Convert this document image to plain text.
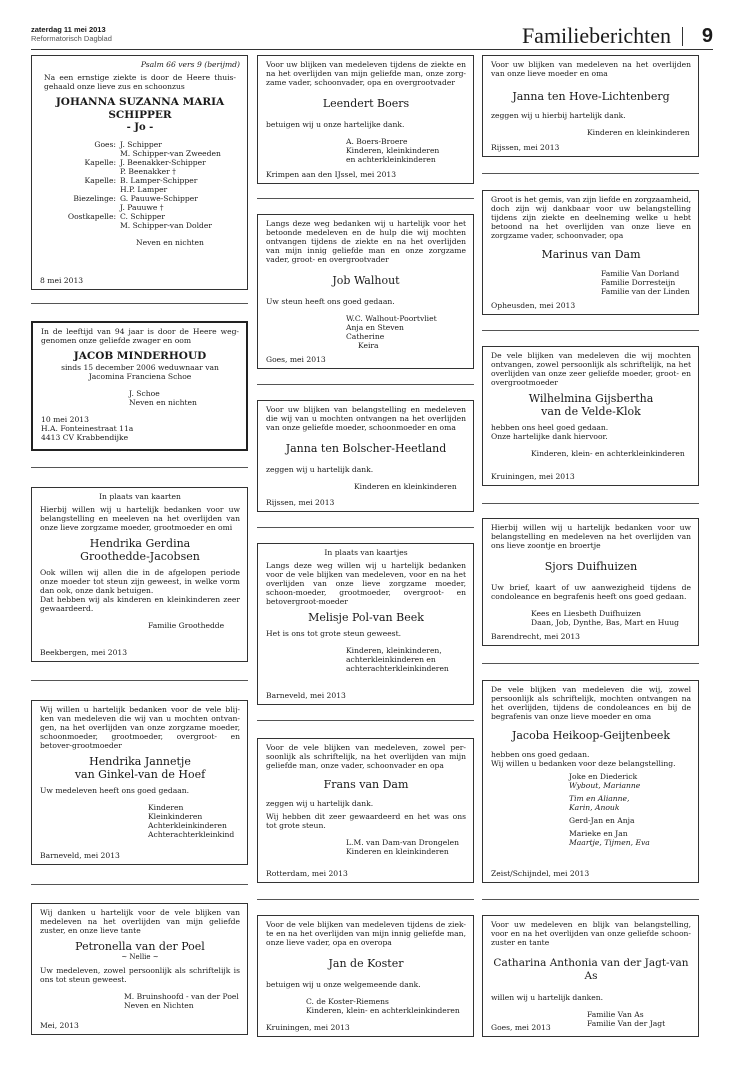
zaterdag 11 mei 2013
Reformatorisch Dagblad	Familieberichten 9

Psalm 66 vers 9 (berijmd)

Na een ernstige ziekte is door de Heere thuis-gehaald onze lieve zus en schoonzus

JOHANNA SUZANNA MARIA SCHIPPER

- Jo -

Goes: J. Schipper
M. Schipper-van Zweeden
Kapelle: J. Beenakker-Schipper
P. Beenakker †
Kapelle: B. Lamper-Schipper
H.P. Lamper
Biezelinge: G. Pauuwe-Schipper
J. Pauuwe †
Oostkapelle: C. Schipper
M. Schipper-van Dolder

Neven en nichten

8 mei 2013

In de leeftijd van 94 jaar is door de Heere weg-genomen onze geliefde zwager en oom

JACOB MINDERHOUD

sinds 15 december 2006 weduwnaar van

Jacomina Franciena Schoe

J. Schoe

Neven en nichten

10 mei 2013

H.A. Fonteinestraat 11a

4413 CV Krabbendijke

In plaats van kaarten

Hierbij willen wij u hartelijk bedanken voor uw belangstelling en meeleven na het overlijden van onze lieve zorgzame moeder, grootmoeder en omi

Hendrika Gerdina
Groothedde-Jacobsen

Ook willen wij allen die in de afgelopen periode onze moeder tot steun zijn geweest, in welke vorm dan ook, onze dank betuigen.

Dat hebben wij als kinderen en kleinkinderen zeer gewaardeerd.

Familie Groothedde

Beekbergen, mei 2013

Wij willen u hartelijk bedanken voor de vele blij-ken van medeleven die wij van u mochten ontvan-gen, na het overlijden van onze zorgzame moeder, schoonmoeder, grootmoeder, overgroot- en betover-grootmoeder

Hendrika Jannetje
van Ginkel-van de Hoef

Uw medeleven heeft ons goed gedaan.

Kinderen

Kleinkinderen

Achterkleinkinderen

Achterachterkleinkind

Barneveld, mei 2013

Wij danken u hartelijk voor de vele blijken van medeleven na het overlijden van mijn geliefde zuster, en onze lieve tante

Petronella van der Poel

~ Nellie ~

Uw medeleven, zowel persoonlijk als schriftelijk is ons tot steun geweest.

M. Bruinshoofd - van der Poel

Neven en Nichten

Mei, 2013

Voor uw blijken van medeleven tijdens de ziekte en na het overlijden van mijn geliefde man, onze zorg-zame vader, schoonvader, opa en overgrootvader

Leendert Boers

betuigen wij u onze hartelijke dank.

A. Boers-Broere

Kinderen, kleinkinderen

en achterkleinkinderen

Krimpen aan den IJssel, mei 2013

Langs deze weg bedanken wij u hartelijk voor het betoonde medeleven en de hulp die wij mochten ontvangen tijdens de ziekte en na het overlijden van mijn innig geliefde man en onze zorgzame vader, groot- en overgrootvader

Job Walhout

Uw steun heeft ons goed gedaan.

W.C. Walhout-Poortvliet

Anja en Steven

Catherine

Keira

Goes, mei 2013

Voor uw blijken van belangstelling en medeleven die wij van u mochten ontvangen na het overlijden van onze geliefde moeder, schoonmoeder en oma

Janna ten Bolscher-Heetland

zeggen wij u hartelijk dank.

Kinderen en kleinkinderen

Rijssen, mei 2013

In plaats van kaartjes

Langs deze weg willen wij u hartelijk bedanken voor de vele blijken van medeleven, voor en na het overlijden van onze lieve zorgzame moeder, schoon-moeder, grootmoeder, overgroot- en betovergroot-moeder

Melisje Pol-van Beek

Het is ons tot grote steun geweest.

Kinderen, kleinkinderen,

achterkleinkinderen en

achterachterkleinkinderen

Barneveld, mei 2013

Voor de vele blijken van medeleven, zowel per-soonlijk als schriftelijk, na het overlijden van mijn geliefde man, onze vader, schoonvader en opa

Frans van Dam

zeggen wij u hartelijk dank.

Wij hebben dit zeer gewaardeerd en het was ons tot grote steun.

L.M. van Dam-van Drongelen

Kinderen en kleinkinderen

Rotterdam, mei 2013

Voor de vele blijken van medeleven tijdens de ziek-te en na het overlijden van mijn innig geliefde man, onze lieve vader, opa en overopa

Jan de Koster

betuigen wij u onze welgemeende dank.

C. de Koster-Riemens

Kinderen, klein- en achterkleinkinderen

Kruiningen, mei 2013

Voor uw blijken van medeleven na het overlijden van onze lieve moeder en oma

Janna ten Hove-Lichtenberg

zeggen wij u hierbij hartelijk dank.

Kinderen en kleinkinderen

Rijssen, mei 2013

Groot is het gemis, van zijn liefde en zorgzaamheid, doch zijn wij dankbaar voor uw belangstelling tijdens zijn ziekte en deelneming welke u hebt betoond na het overlijden van onze lieve en zorgzame vader, schoonvader, opa

Marinus van Dam

Familie Van Dorland

Familie Dorresteijn

Familie van der Linden

Opheusden, mei 2013

De vele blijken van medeleven die wij mochten ontvangen, zowel persoonlijk als schriftelijk, na het overlijden van onze zeer geliefde moeder, groot- en overgrootmoeder

Wilhelmina Gijsbertha
van de Velde-Klok

hebben ons heel goed gedaan.

Onze hartelijke dank hiervoor.

Kinderen, klein- en achterkleinkinderen

Kruiningen, mei 2013

Hierbij willen wij u hartelijk bedanken voor uw belangstelling en medeleven na het overlijden van ons lieve zoontje en broertje

Sjors Duifhuizen

Uw brief, kaart of uw aanwezigheid tijdens de condoleance en begrafenis heeft ons goed gedaan.

Kees en Liesbeth Duifhuizen

Daan, Job, Dynthe, Bas, Mart en Huug

Barendrecht, mei 2013

De vele blijken van medeleven die wij, zowel persoonlijk als schriftelijk, mochten ontvangen na het overlijden, tijdens de condoleances en bij de begrafenis van onze lieve moeder en oma

Jacoba Heikoop-Geijtenbeek

hebben ons goed gedaan.

Wij willen u bedanken voor deze belangstelling.

Joke en Diederick

Wybout, Marianne

Tim en Alianne,

Karin, Anouk

Gerd-Jan en Anja

Marieke en Jan

Maartje, Tijmen, Eva

Zeist/Schijndel, mei 2013

Voor uw medeleven en blijk van belangstelling, voor en na het overlijden van onze geliefde schoon-zuster en tante

Catharina Anthonia van der Jagt-van As

willen wij u hartelijk danken.

Familie Van As

Familie Van der Jagt

Goes, mei 2013
